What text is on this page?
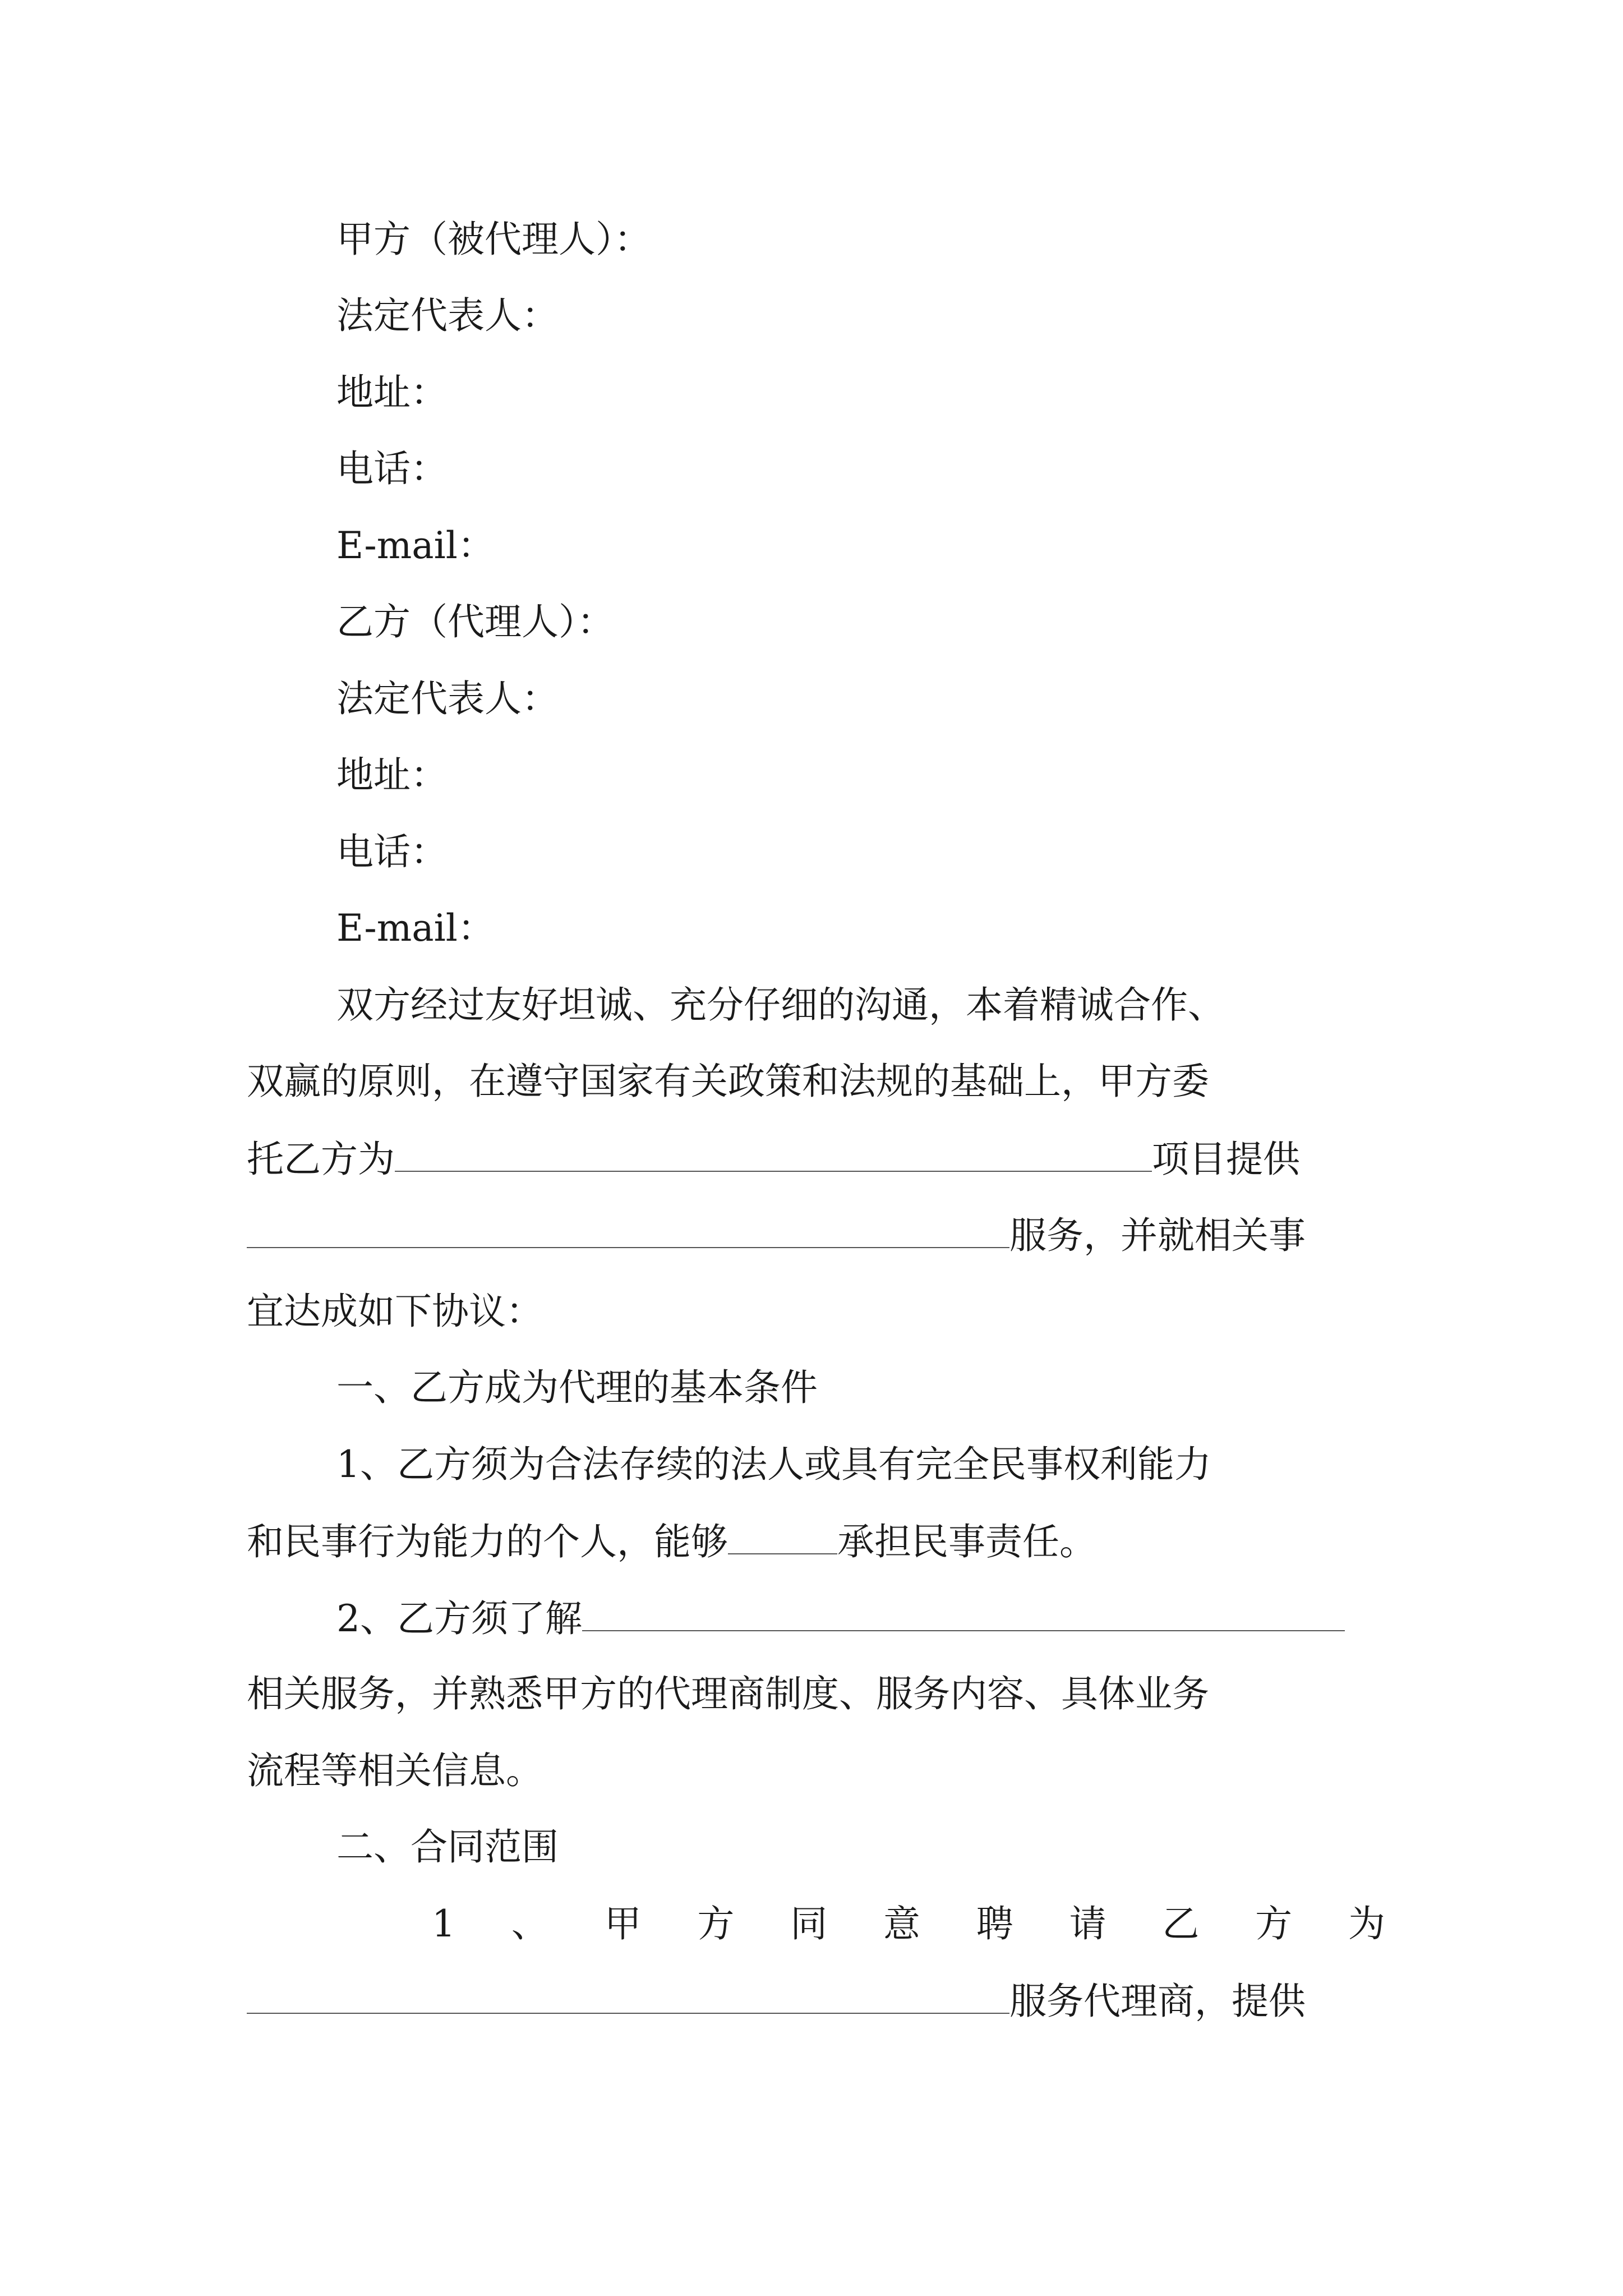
甲方（被代理人）：
法定代表人：
地址：
电话：
E-mail：
乙方（代理人）：
法定代表人：
地址：
电话：
E-mail：
双方经过友好坦诚、充分仔细的沟通，本着精诚合作、
双赢的原则，在遵守国家有关政策和法规的基础上，甲方委
托乙方为	项目提供
服务，并就相关事
宜达成如下协议：
一、乙方成为代理的基本条件
1、乙方须为合法存续的法人或具有完全民事权利能力
和民事行为能力的个人，能够	承担民事责任。
2、乙方须了解
相关服务，并熟悉甲方的代理商制度、服务内容、具体业务
流程等相关信息。
二、合同范围
1 、 甲 方 同 意 聘 请 乙 方 为
服务代理商，提供
